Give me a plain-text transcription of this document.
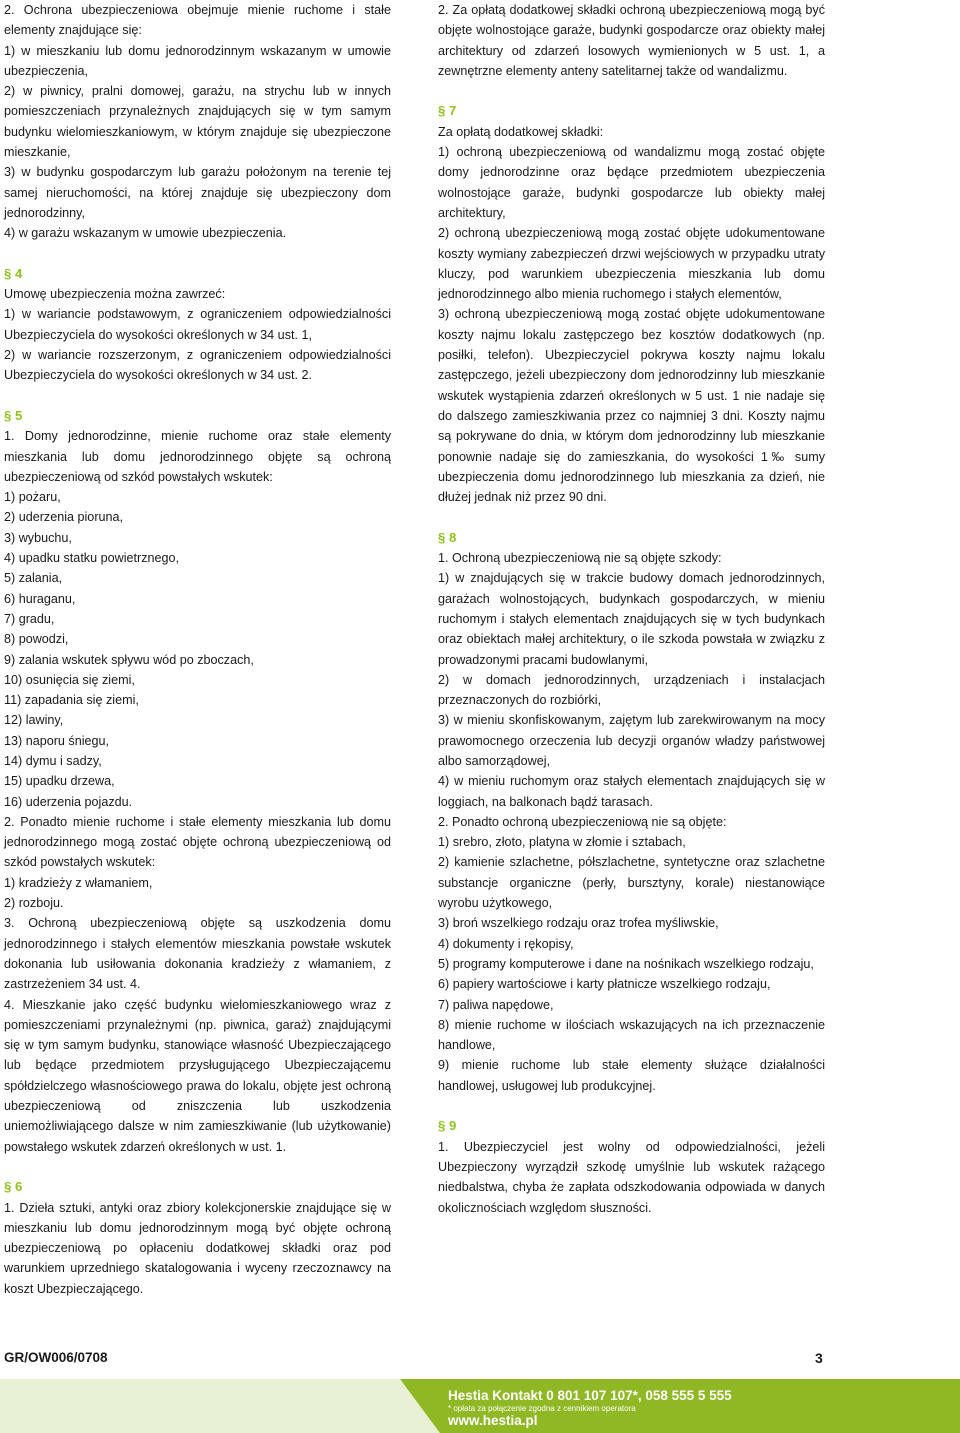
2. Ochrona ubezpieczeniowa obejmuje mienie ruchome i stałe elementy znajdujące się:

1) w mieszkaniu lub domu jednorodzinnym wskazanym w umowie ubezpieczenia,

2) w piwnicy, pralni domowej, garażu, na strychu lub w innych pomieszczeniach przynależnych znajdujących się w tym samym budynku wielomieszkaniowym, w którym znajduje się ubezpieczone mieszkanie,

3) w budynku gospodarczym lub garażu położonym na terenie tej samej nieruchomości, na której znajduje się ubezpieczony dom jednorodzinny,

4) w garażu wskazanym w umowie ubezpieczenia.

§ 4

Umowę ubezpieczenia można zawrzeć:

1) w wariancie podstawowym, z ograniczeniem odpowiedzialności Ubezpieczyciela do wysokości określonych w 34 ust. 1,

2) w wariancie rozszerzonym, z ograniczeniem odpowiedzialności Ubezpieczyciela do wysokości określonych w 34 ust. 2.

§ 5

1. Domy jednorodzinne, mienie ruchome oraz stałe elementy mieszkania lub domu jednorodzinnego objęte są ochroną ubezpieczeniową od szkód powstałych wskutek:

1) pożaru,

2) uderzenia pioruna,

3) wybuchu,

4) upadku statku powietrznego,

5) zalania,

6) huraganu,

7) gradu,

8) powodzi,

9) zalania wskutek spływu wód po zboczach,

10) osunięcia się ziemi,

11) zapadania się ziemi,

12) lawiny,

13) naporu śniegu,

14) dymu i sadzy,

15) upadku drzewa,

16) uderzenia pojazdu.

2. Ponadto mienie ruchome i stałe elementy mieszkania lub domu jednorodzinnego mogą zostać objęte ochroną ubezpieczeniową od szkód powstałych wskutek:

1) kradzieży z włamaniem,

2) rozboju.

3. Ochroną ubezpieczeniową objęte są uszkodzenia domu jednorodzinnego i stałych elementów mieszkania powstałe wskutek dokonania lub usiłowania dokonania kradzieży z włamaniem, z zastrzeżeniem 34 ust. 4.

4. Mieszkanie jako część budynku wielomieszkaniowego wraz z pomieszczeniami przynależnymi (np. piwnica, garaż) znajdującymi się w tym samym budynku, stanowiące własność Ubezpieczającego lub będące przedmiotem przysługującego Ubezpieczającemu spółdzielczego własnościowego prawa do lokalu, objęte jest ochroną ubezpieczeniową od zniszczenia lub uszkodzenia uniemożliwiającego dalsze w nim zamieszkiwanie (lub użytkowanie) powstałego wskutek zdarzeń określonych w ust. 1.

§ 6

1. Dzieła sztuki, antyki oraz zbiory kolekcjonerskie znajdujące się w mieszkaniu lub domu jednorodzinnym mogą być objęte ochroną ubezpieczeniową po opłaceniu dodatkowej składki oraz pod warunkiem uprzedniego skatalogowania i wyceny rzeczoznawcy na koszt Ubezpieczającego.

2. Za opłatą dodatkowej składki ochroną ubezpieczeniową mogą być objęte wolnostojące garaże, budynki gospodarcze oraz obiekty małej architektury od zdarzeń losowych wymienionych w 5 ust. 1, a zewnętrzne elementy anteny satelitarnej także od wandalizmu.

§ 7

Za opłatą dodatkowej składki:

1) ochroną ubezpieczeniową od wandalizmu mogą zostać objęte domy jednorodzinne oraz będące przedmiotem ubezpieczenia wolnostojące garaże, budynki gospodarcze lub obiekty małej architektury,

2) ochroną ubezpieczeniową mogą zostać objęte udokumentowane koszty wymiany zabezpieczeń drzwi wejściowych w przypadku utraty kluczy, pod warunkiem ubezpieczenia mieszkania lub domu jednorodzinnego albo mienia ruchomego i stałych elementów,

3) ochroną ubezpieczeniową mogą zostać objęte udokumentowane koszty najmu lokalu zastępczego bez kosztów dodatkowych (np. posiłki, telefon). Ubezpieczyciel pokrywa koszty najmu lokalu zastępczego, jeżeli ubezpieczony dom jednorodzinny lub mieszkanie wskutek wystąpienia zdarzeń określonych w 5 ust. 1 nie nadaje się do dalszego zamieszkiwania przez co najmniej 3 dni. Koszty najmu są pokrywane do dnia, w którym dom jednorodzinny lub mieszkanie ponownie nadaje się do zamieszkania, do wysokości 1‰ sumy ubezpieczenia domu jednorodzinnego lub mieszkania za dzień, nie dłużej jednak niż przez 90 dni.

§ 8

1. Ochroną ubezpieczeniową nie są objęte szkody:

1) w znajdujących się w trakcie budowy domach jednorodzinnych, garażach wolnostojących, budynkach gospodarczych, w mieniu ruchomym i stałych elementach znajdujących się w tych budynkach oraz obiektach małej architektury, o ile szkoda powstała w związku z prowadzonymi pracami budowlanymi,

2) w domach jednorodzinnych, urządzeniach i instalacjach przeznaczonych do rozbiórki,

3) w mieniu skonfiskowanym, zajętym lub zarekwirowanym na mocy prawomocnego orzeczenia lub decyzji organów władzy państwowej albo samorządowej,

4) w mieniu ruchomym oraz stałych elementach znajdujących się w loggiach, na balkonach bądź tarasach.

2. Ponadto ochroną ubezpieczeniową nie są objęte:

1) srebro, złoto, platyna w złomie i sztabach,

2) kamienie szlachetne, półszlachetne, syntetyczne oraz szlachetne substancje organiczne (perły, bursztyny, korale) niestanowiące wyrobu użytkowego,

3) broń wszelkiego rodzaju oraz trofea myśliwskie,

4) dokumenty i rękopisy,

5) programy komputerowe i dane na nośnikach wszelkiego rodzaju,

6) papiery wartościowe i karty płatnicze wszelkiego rodzaju,

7) paliwa napędowe,

8) mienie ruchome w ilościach wskazujących na ich przeznaczenie handlowe,

9) mienie ruchome lub stałe elementy służące działalności handlowej, usługowej lub produkcyjnej.

§ 9

1. Ubezpieczyciel jest wolny od odpowiedzialności, jeżeli Ubezpieczony wyrządził szkodę umyślnie lub wskutek rażącego niedbalstwa, chyba że zapłata odszkodowania odpowiada w danych okolicznościach względom słuszności.

GR/OW006/0708	3
Hestia Kontakt 0 801 107 107*, 058 555 5 555
* opłata za połączenie zgodna z cennikiem operatora
www.hestia.pl
